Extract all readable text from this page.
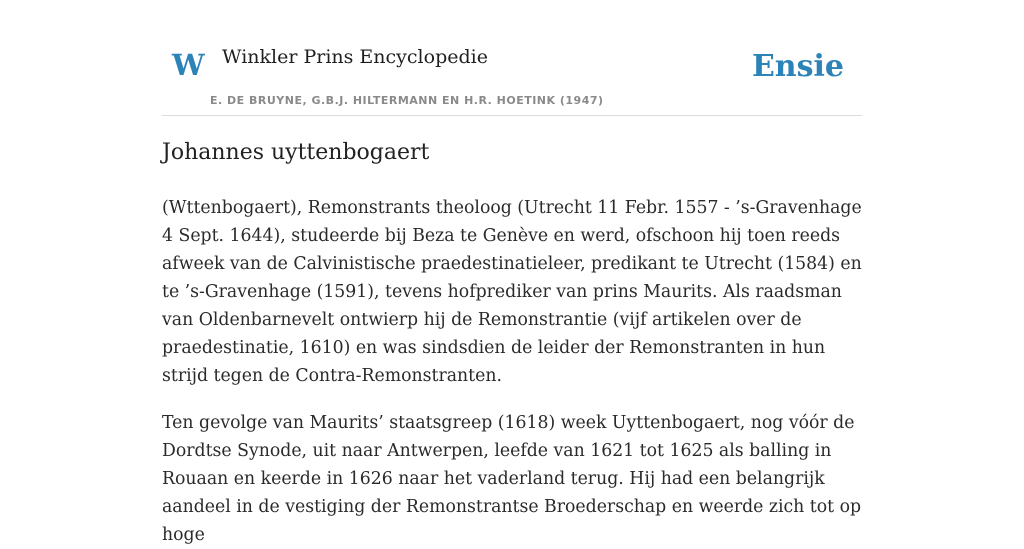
W Winkler Prins Encyclopedie
E. DE BRUYNE, G.B.J. HILTERMANN EN H.R. HOETINK (1947)
Ensie
Johannes uyttenbogaert

(Wttenbogaert), Remonstrants theoloog (Utrecht 11 Febr. 1557 - ’s-Gravenhage 4 Sept. 1644), studeerde bij Beza te Genève en werd, ofschoon hij toen reeds afweek van de Calvinistische praedestinatieleer, predikant te Utrecht (1584) en te ’s-Gravenhage (1591), tevens hofprediker van prins Maurits. Als raadsman van Oldenbarnevelt ontwierp hij de Remonstrantie (vijf artikelen over de praedestinatie, 1610) en was sindsdien de leider der Remonstranten in hun strijd tegen de Contra-Remonstranten.

Ten gevolge van Maurits’ staatsgreep (1618) week Uyttenbogaert, nog vóór de Dordtse Synode, uit naar Antwerpen, leefde van 1621 tot 1625 als balling in Rouaan en keerde in 1626 naar het vaderland terug. Hij had een belangrijk aandeel in de vestiging der Remonstrantse Broederschap en weerde zich tot op hoge
